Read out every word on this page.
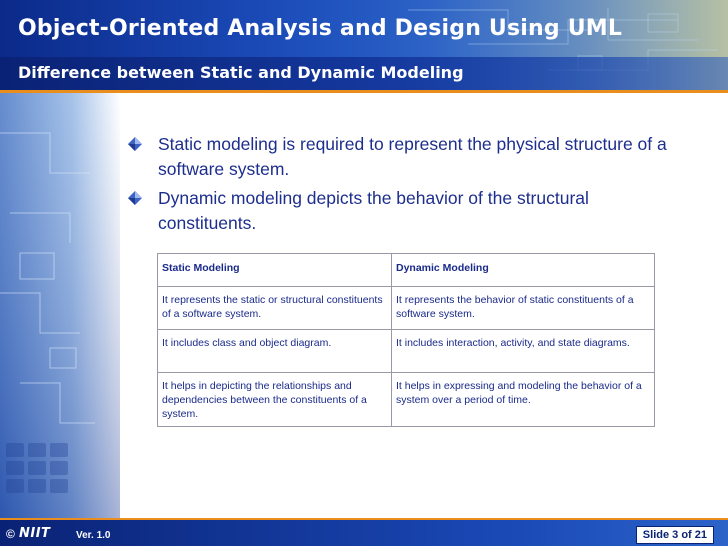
Object-Oriented Analysis and Design Using UML
Difference between Static and Dynamic Modeling
Static modeling is required to represent the physical structure of a software system.
Dynamic modeling depicts the behavior of the structural constituents.
Static Modeling	Dynamic Modeling
It represents the static or structural constituents of a software system.	It represents the behavior of static constituents of a software system.
It includes class and object diagram.	It includes interaction, activity, and state diagrams.
It helps in depicting the relationships and dependencies between the constituents of a system.	It helps in expressing and modeling the behavior of a system over a period of time.
© NIIT	Ver. 1.0	Slide 3 of 21
